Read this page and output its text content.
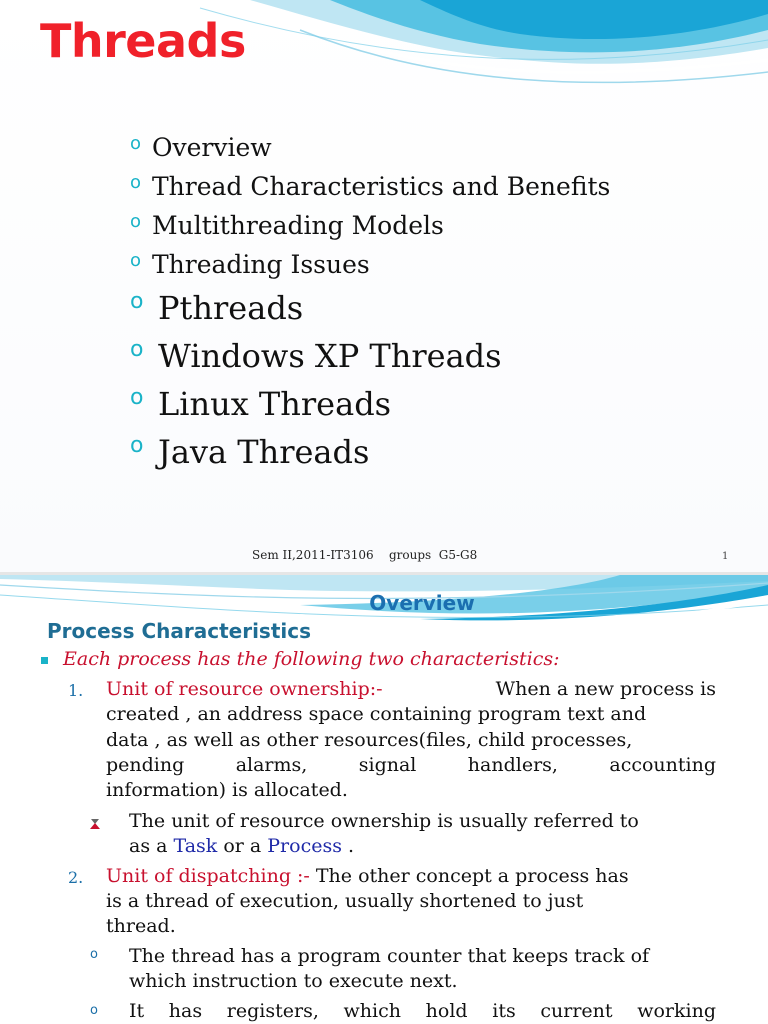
Threads
o Overview
o Thread Characteristics and Benefits
o Multithreading Models
o Threading Issues
o Pthreads
o Windows XP Threads
o Linux Threads
o Java Threads
Sem II,2011-IT3106    groups  G5-G8	1
Overview
Process Characteristics
Each process has the following two characteristics:
1. Unit of resource ownership:-	When a new process is
created , an address space containing program text and
data , as well as other resources(files, child processes,
pending alarms, signal handlers, accounting
information) is allocated.
The unit of resource ownership is usually referred to
as a Task or a Process .
2. Unit of dispatching :- The other concept a process has
is a thread of execution, usually shortened to just
thread.
o The thread has a program counter that keeps track of
which instruction to execute next.
o It has registers, which hold its current working
